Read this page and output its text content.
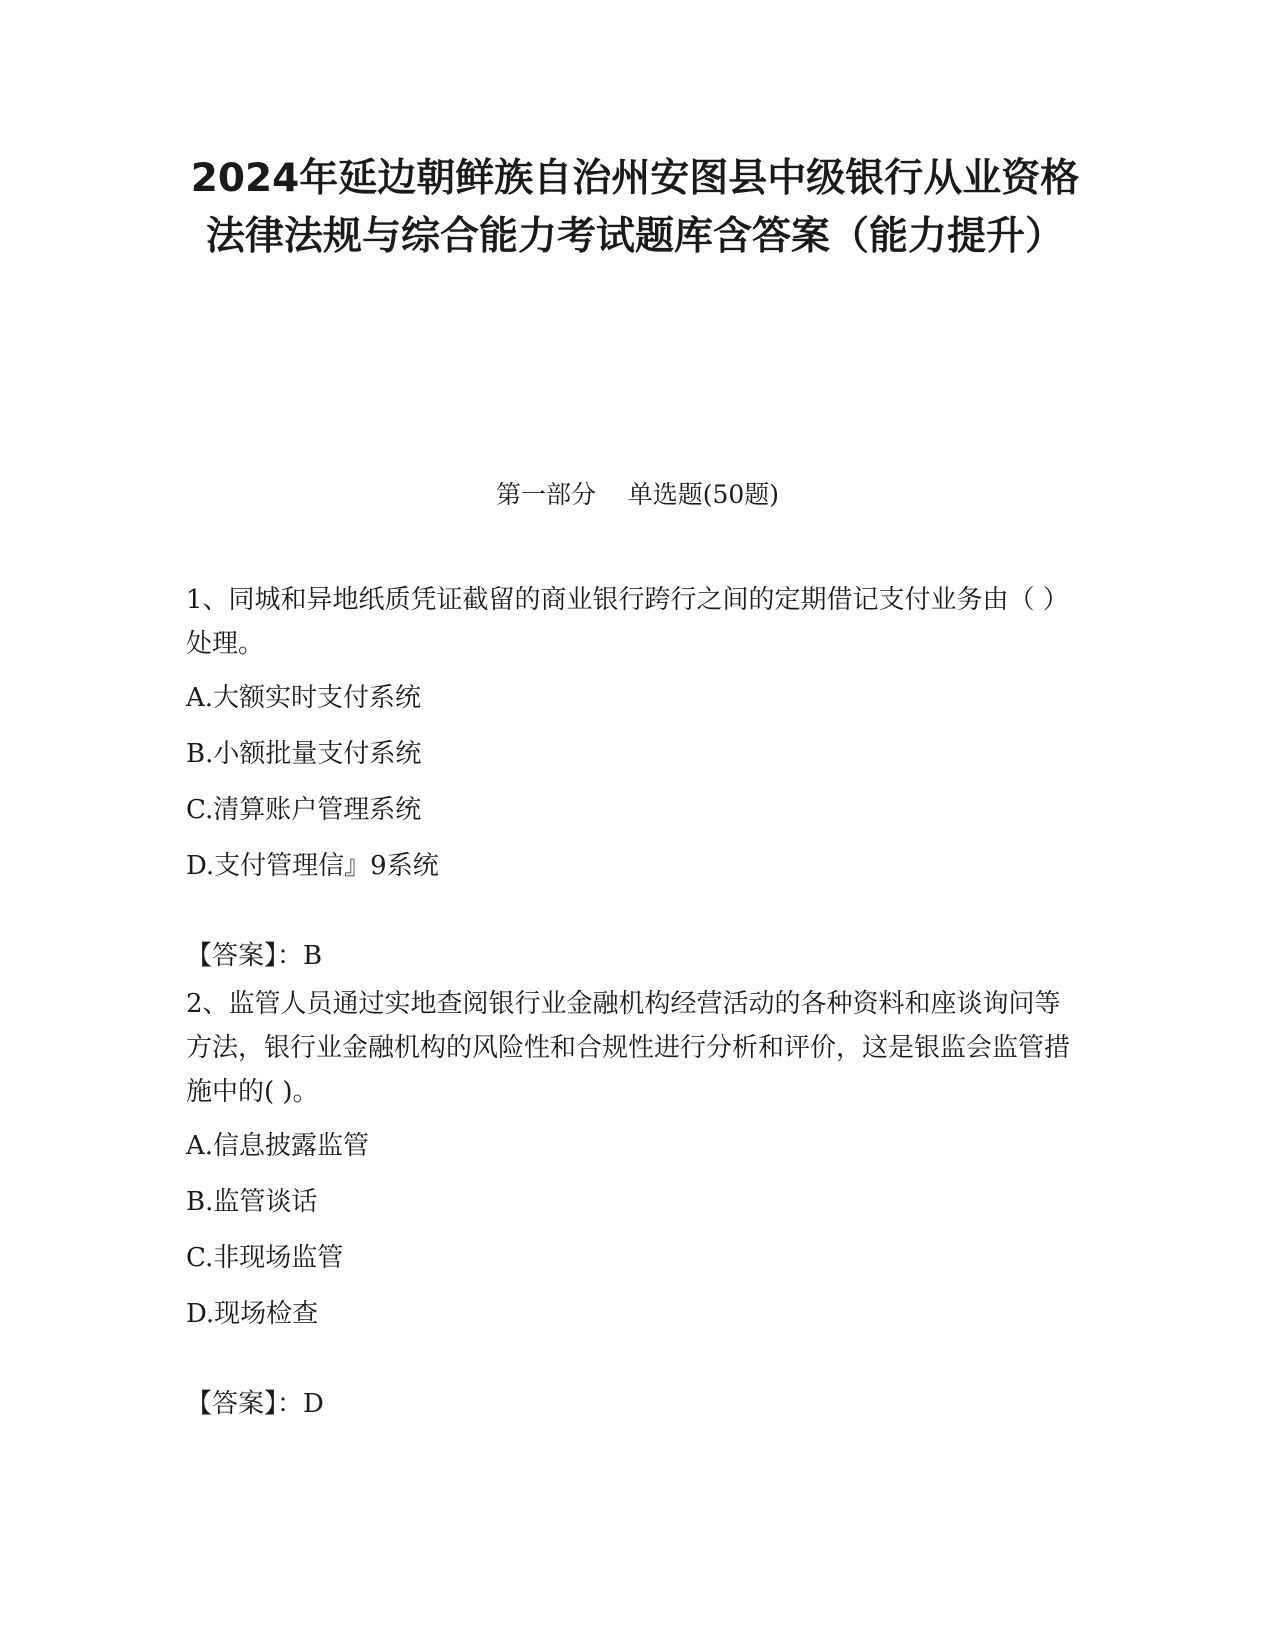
2024年延边朝鲜族自治州安图县中级银行从业资格法律法规与综合能力考试题库含答案（能力提升）
第一部分    单选题(50题)

1、同城和异地纸质凭证截留的商业银行跨行之间的定期借记支付业务由（ ）处理。

A.大额实时支付系统

B.小额批量支付系统

C.清算账户管理系统

D.支付管理信』9系统

【答案】：B

2、监管人员通过实地查阅银行业金融机构经营活动的各种资料和座谈询问等方法，银行业金融机构的风险性和合规性进行分析和评价，这是银监会监管措施中的( )。

A.信息披露监管

B.监管谈话

C.非现场监管

D.现场检查

【答案】：D
